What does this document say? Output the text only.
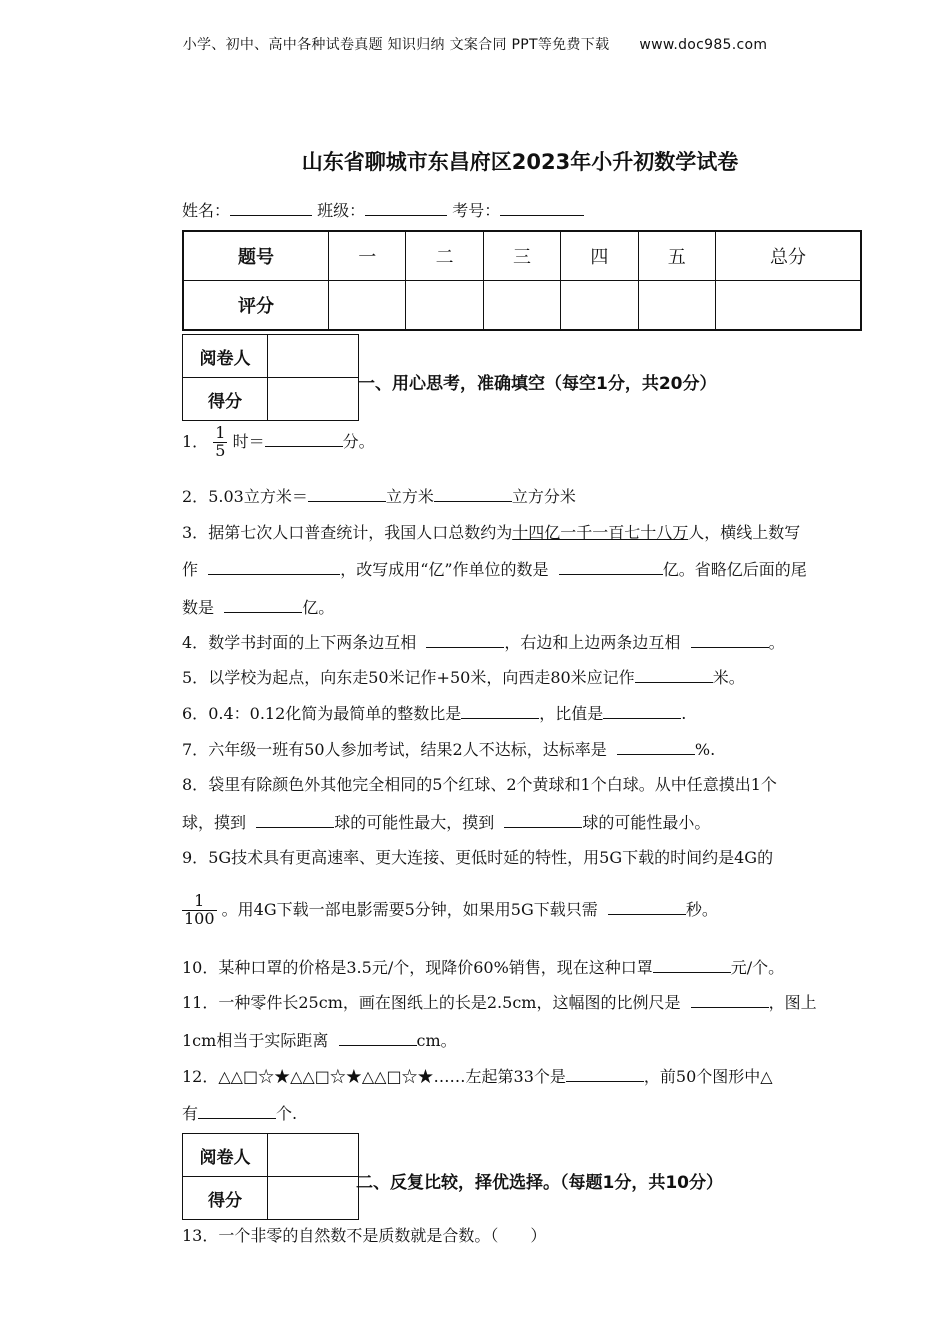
小学、初中、高中各种试卷真题 知识归纳 文案合同 PPT等免费下载 www.doc985.com
山东省聊城市东昌府区2023年小升初数学试卷
姓名：	班级：	考号：
题号	一	二	三	四	五	总分
评分						
阅卷人	
得分	
一、用心思考，准确填空（每空1分，共20分）
1． $\frac{1}{5}$ 时＝	分。
2．5.03立方米＝	立方米	立方分米
3．据第七次人口普查统计，我国人口总数约为十四亿一千一百七十八万人，横线上数写
作	，改写成用“亿”作单位的数是	亿。省略亿后面的尾
数是	亿。
4．数学书封面的上下两条边互相	，右边和上边两条边互相	。
5．以学校为起点，向东走50米记作+50米，向西走80米应记作	米。
6．0.4：0.12化简为最简单的整数比是	，比值是	.
7．六年级一班有50人参加考试，结果2人不达标，达标率是	%.
8．袋里有除颜色外其他完全相同的5个红球、2个黄球和1个白球。从中任意摸出1个
球，摸到	球的可能性最大，摸到	球的可能性最小。
9．5G技术具有更高速率、更大连接、更低时延的特性，用5G下载的时间约是4G的
$\frac{1}{100}$ 。用4G下载一部电影需要5分钟，如果用5G下载只需	秒。
10．某种口罩的价格是3.5元/个，现降价60%销售，现在这种口罩	元/个。
11．一种零件长25cm，画在图纸上的长是2.5cm，这幅图的比例尺是	，图上
1cm相当于实际距离	cm。
12．△△□☆★△△□☆★△△□☆★……左起第33个是	，前50个图形中△
有	个.
阅卷人	
得分	
二、反复比较，择优选择。（每题1分，共10分）
13．一个非零的自然数不是质数就是合数。（　　）
